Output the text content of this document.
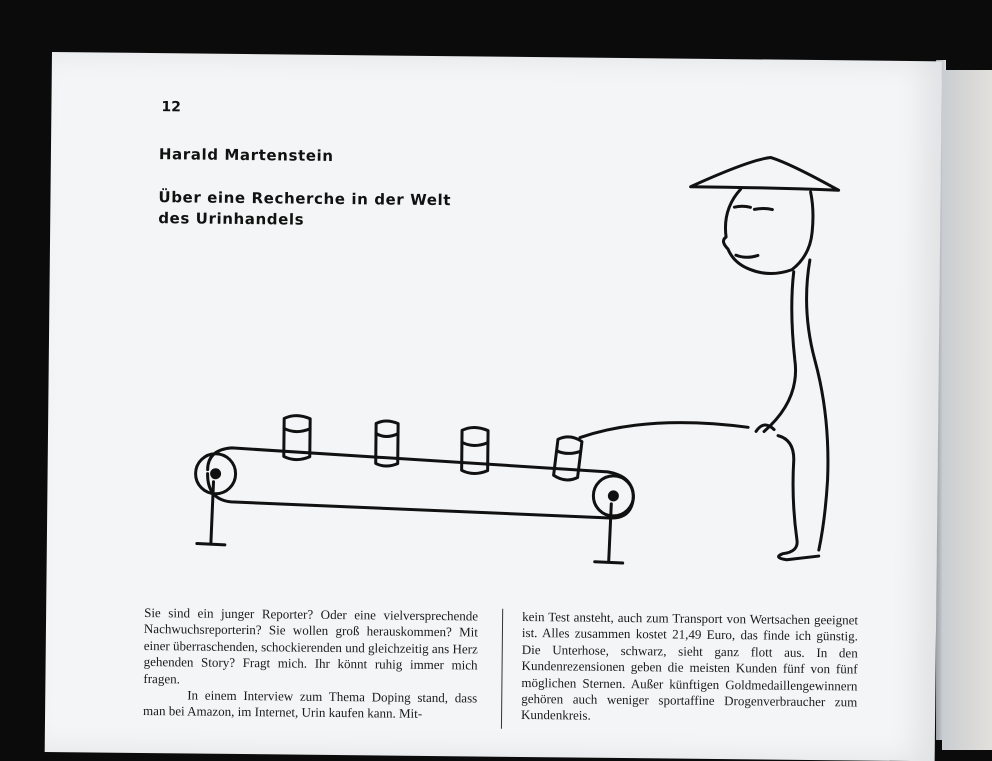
12
Harald Martenstein
Über eine Recherche in der Welt
des Urinhandels

Sie sind ein junger Reporter? Oder eine vielversprechende Nachwuchsreporterin? Sie wollen groß herauskommen? Mit einer überraschenden, schockierenden und gleichzeitig ans Herz gehenden Story? Fragt mich. Ihr könnt ruhig immer mich fragen.

In einem Interview zum Thema Doping stand, dass man bei Amazon, im Internet, Urin kaufen kann. Mit-

kein Test ansteht, auch zum Transport von Wertsachen geeignet ist. Alles zusammen kostet 21,49 Euro, das finde ich günstig. Die Unterhose, schwarz, sieht ganz flott aus. In den Kundenrezensionen geben die meisten Kunden fünf von fünf möglichen Sternen. Außer künftigen Goldmedaillengewinnern gehören auch weniger sportaffine Drogenverbraucher zum Kundenkreis.
